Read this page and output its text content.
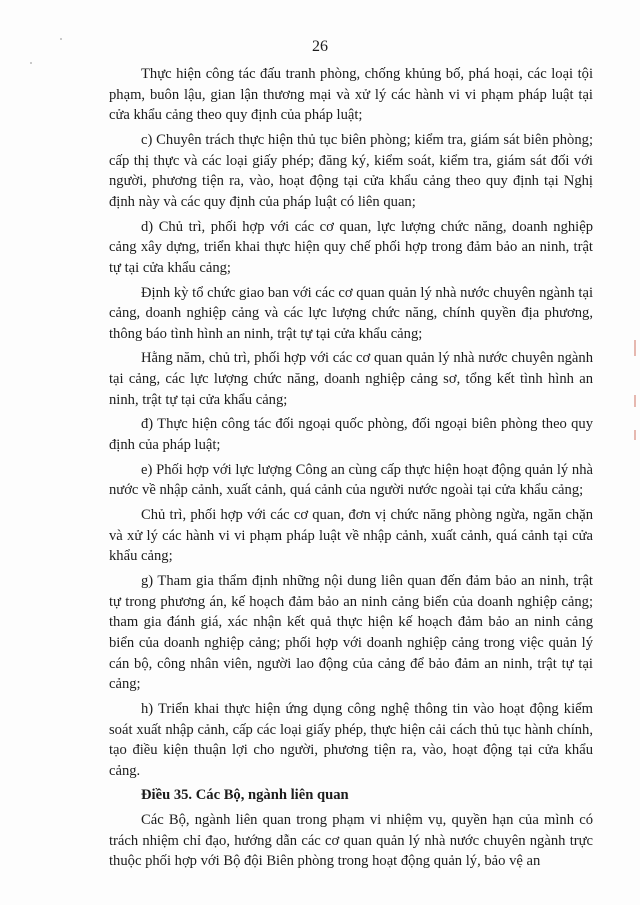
26

Thực hiện công tác đấu tranh phòng, chống khủng bố, phá hoại, các loại tội phạm, buôn lậu, gian lận thương mại và xử lý các hành vi vi phạm pháp luật tại cửa khẩu cảng theo quy định của pháp luật;

c) Chuyên trách thực hiện thủ tục biên phòng; kiểm tra, giám sát biên phòng; cấp thị thực và các loại giấy phép; đăng ký, kiểm soát, kiểm tra, giám sát đối với người, phương tiện ra, vào, hoạt động tại cửa khẩu cảng theo quy định tại Nghị định này và các quy định của pháp luật có liên quan;

d) Chủ trì, phối hợp với các cơ quan, lực lượng chức năng, doanh nghiệp cảng xây dựng, triển khai thực hiện quy chế phối hợp trong đảm bảo an ninh, trật tự tại cửa khẩu cảng;

Định kỳ tổ chức giao ban với các cơ quan quản lý nhà nước chuyên ngành tại cảng, doanh nghiệp cảng và các lực lượng chức năng, chính quyền địa phương, thông báo tình hình an ninh, trật tự tại cửa khẩu cảng;

Hằng năm, chủ trì, phối hợp với các cơ quan quản lý nhà nước chuyên ngành tại cảng, các lực lượng chức năng, doanh nghiệp cảng sơ, tổng kết tình hình an ninh, trật tự tại cửa khẩu cảng;

đ) Thực hiện công tác đối ngoại quốc phòng, đối ngoại biên phòng theo quy định của pháp luật;

e) Phối hợp với lực lượng Công an cùng cấp thực hiện hoạt động quản lý nhà nước về nhập cảnh, xuất cảnh, quá cảnh của người nước ngoài tại cửa khẩu cảng;

Chủ trì, phối hợp với các cơ quan, đơn vị chức năng phòng ngừa, ngăn chặn và xử lý các hành vi vi phạm pháp luật về nhập cảnh, xuất cảnh, quá cảnh tại cửa khẩu cảng;

g) Tham gia thẩm định những nội dung liên quan đến đảm bảo an ninh, trật tự trong phương án, kế hoạch đảm bảo an ninh cảng biển của doanh nghiệp cảng; tham gia đánh giá, xác nhận kết quả thực hiện kế hoạch đảm bảo an ninh cảng biển của doanh nghiệp cảng; phối hợp với doanh nghiệp cảng trong việc quản lý cán bộ, công nhân viên, người lao động của cảng để bảo đảm an ninh, trật tự tại cảng;

h) Triển khai thực hiện ứng dụng công nghệ thông tin vào hoạt động kiểm soát xuất nhập cảnh, cấp các loại giấy phép, thực hiện cải cách thủ tục hành chính, tạo điều kiện thuận lợi cho người, phương tiện ra, vào, hoạt động tại cửa khẩu cảng.

Điều 35. Các Bộ, ngành liên quan

Các Bộ, ngành liên quan trong phạm vi nhiệm vụ, quyền hạn của mình có trách nhiệm chỉ đạo, hướng dẫn các cơ quan quản lý nhà nước chuyên ngành trực thuộc phối hợp với Bộ đội Biên phòng trong hoạt động quản lý, bảo vệ an
